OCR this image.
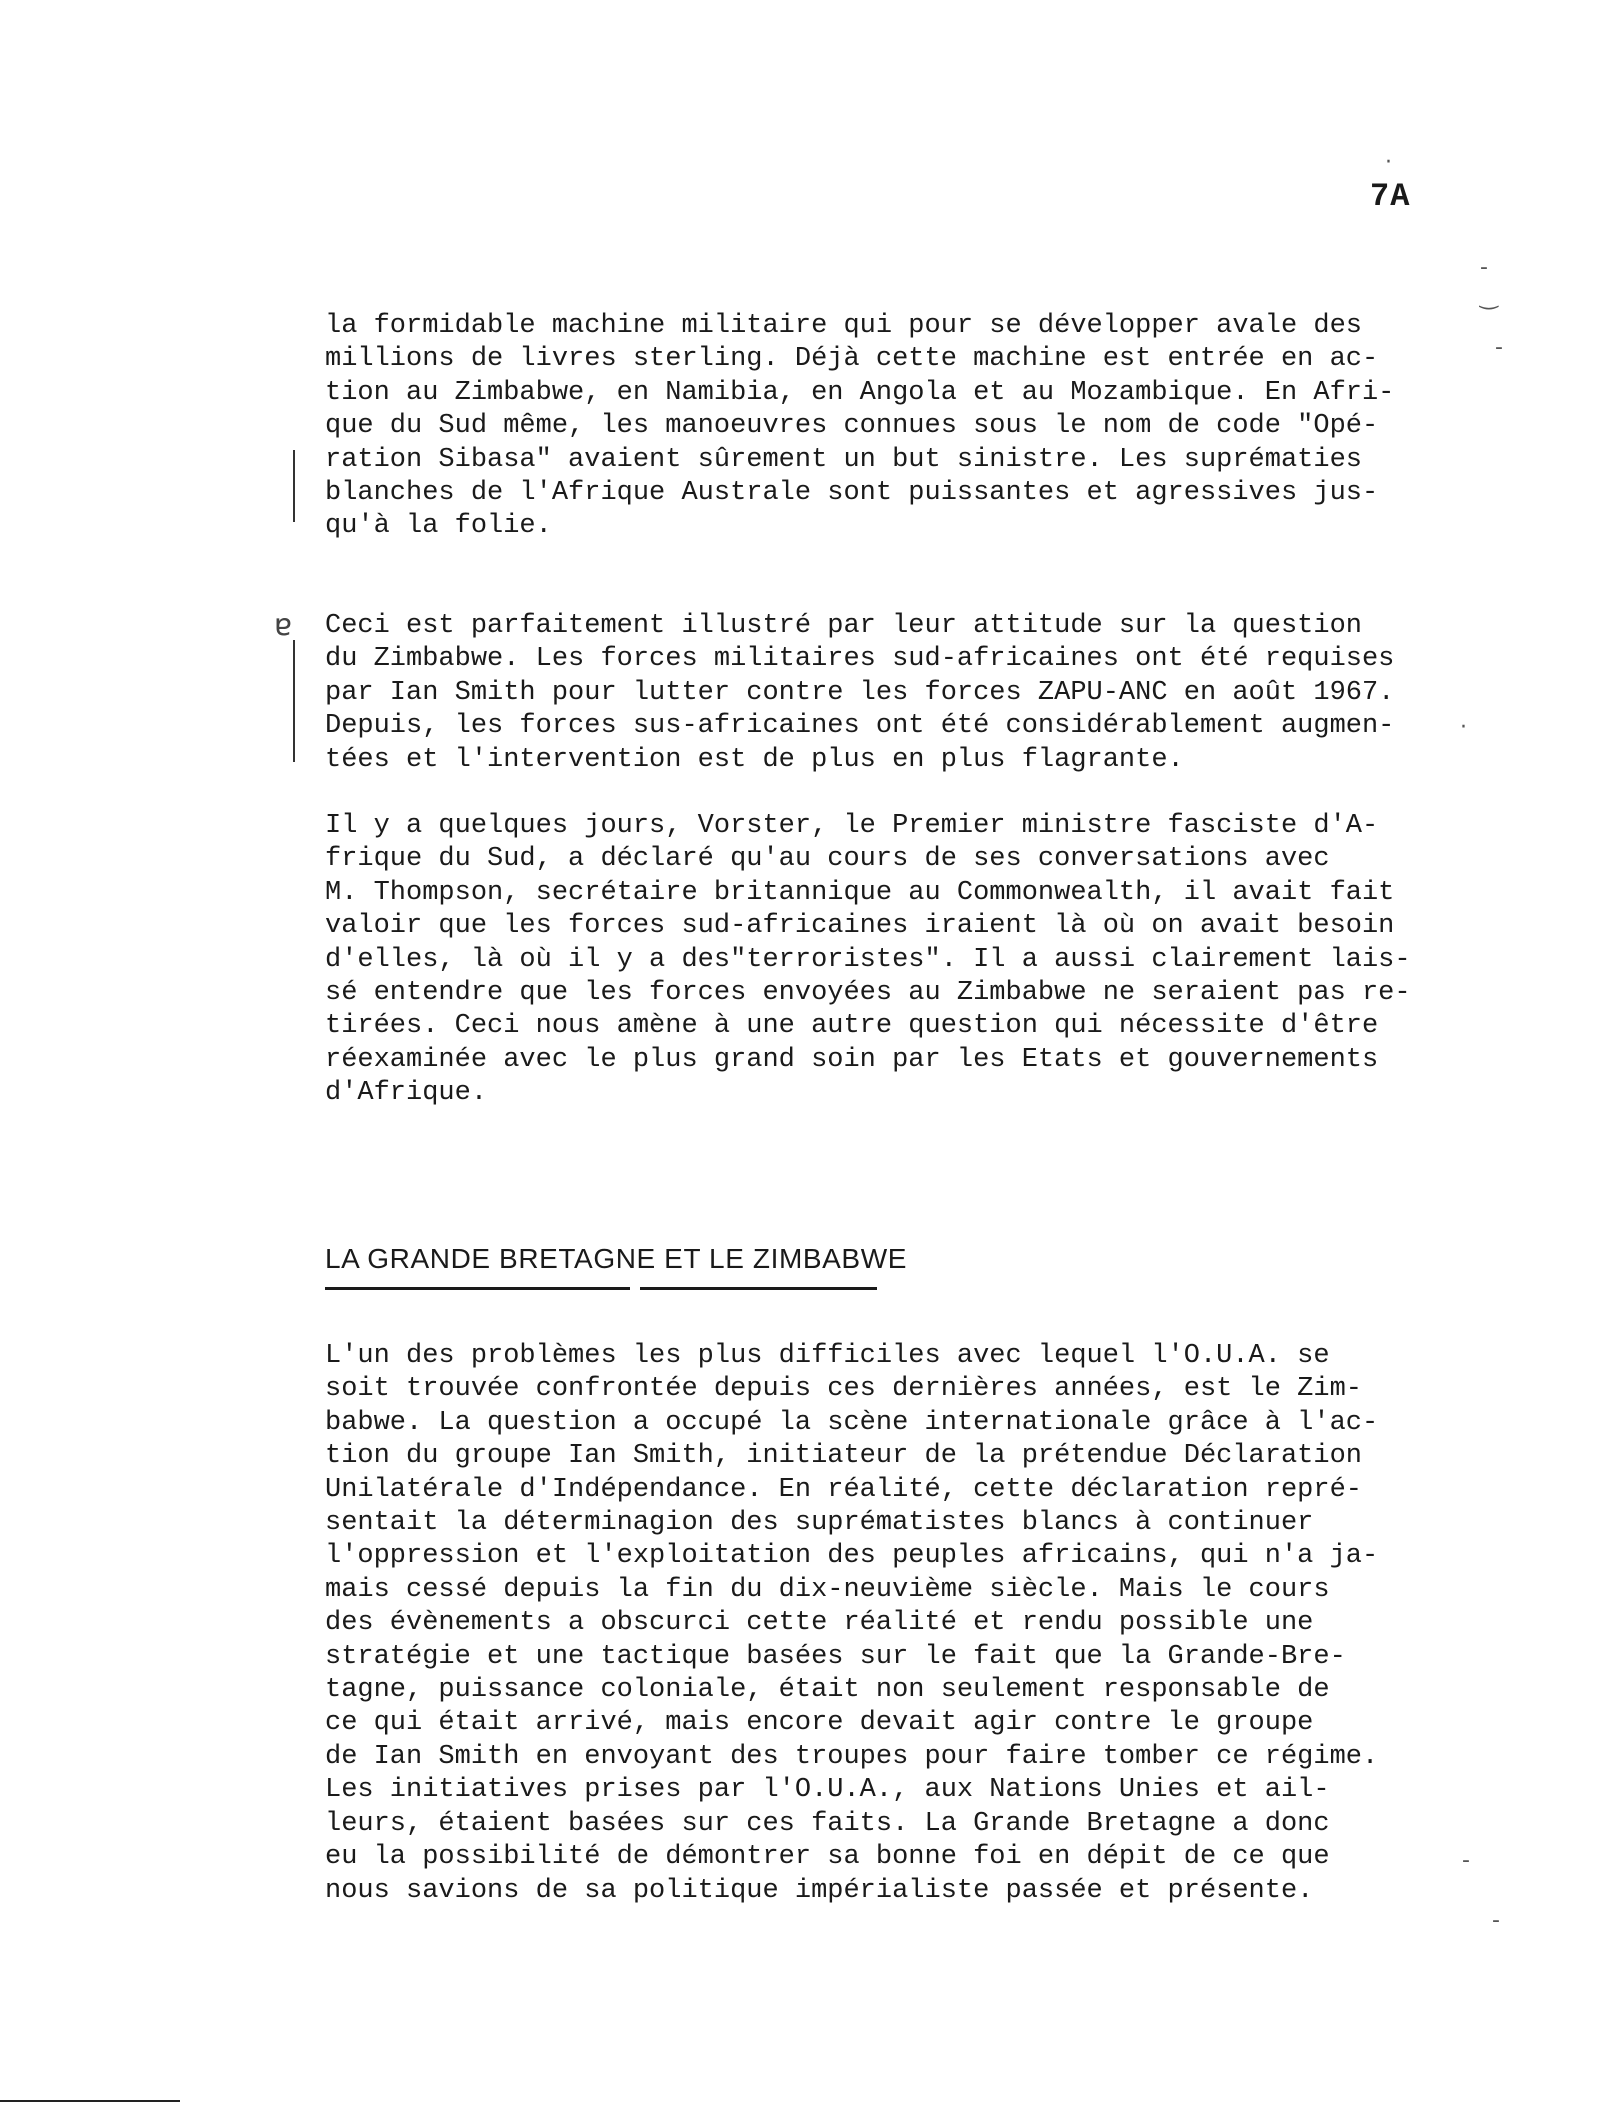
7A
ɐ
la formidable machine militaire qui pour se développer avale des
millions de livres sterling. Déjà cette machine est entrée en ac-
tion au Zimbabwe, en Namibia, en Angola et au Mozambique. En Afri-
que du Sud même, les manoeuvres connues sous le nom de code "Opé-
ration Sibasa" avaient sûrement un but sinistre. Les suprématies
blanches de l'Afrique Australe sont puissantes et agressives jus-
qu'à la folie.
Ceci est parfaitement illustré par leur attitude sur la question
du Zimbabwe. Les forces militaires sud-africaines ont été requises
par Ian Smith pour lutter contre les forces ZAPU-ANC en août 1967.
Depuis, les forces sus-africaines ont été considérablement augmen-
tées et l'intervention est de plus en plus flagrante.
Il y a quelques jours, Vorster, le Premier ministre fasciste d'A-
frique du Sud, a déclaré qu'au cours de ses conversations avec
M. Thompson, secrétaire britannique au Commonwealth, il avait fait
valoir que les forces sud-africaines iraient là où on avait besoin
d'elles, là où il y a des"terroristes". Il a aussi clairement lais-
sé entendre que les forces envoyées au Zimbabwe ne seraient pas re-
tirées. Ceci nous amène à une autre question qui nécessite d'être
réexaminée avec le plus grand soin par les Etats et gouvernements
d'Afrique.
LA GRANDE BRETAGNE ET LE ZIMBABWE
L'un des problèmes les plus difficiles avec lequel l'O.U.A. se
soit trouvée confrontée depuis ces dernières années, est le Zim-
babwe. La question a occupé la scène internationale grâce à l'ac-
tion du groupe Ian Smith, initiateur de la prétendue Déclaration
Unilatérale d'Indépendance. En réalité, cette déclaration repré-
sentait la déterminagion des suprématistes blancs à continuer
l'oppression et l'exploitation des peuples africains, qui n'a ja-
mais cessé depuis la fin du dix-neuvième siècle. Mais le cours
des évènements a obscurci cette réalité et rendu possible une
stratégie et une tactique basées sur le fait que la Grande-Bre-
tagne, puissance coloniale, était non seulement responsable de
ce qui était arrivé, mais encore devait agir contre le groupe
de Ian Smith en envoyant des troupes pour faire tomber ce régime.
Les initiatives prises par l'O.U.A., aux Nations Unies et ail-
leurs, étaient basées sur ces faits. La Grande Bretagne a donc
eu la possibilité de démontrer sa bonne foi en dépit de ce que
nous savions de sa politique impérialiste passée et présente.
·
-
‿
-
·
-
-
